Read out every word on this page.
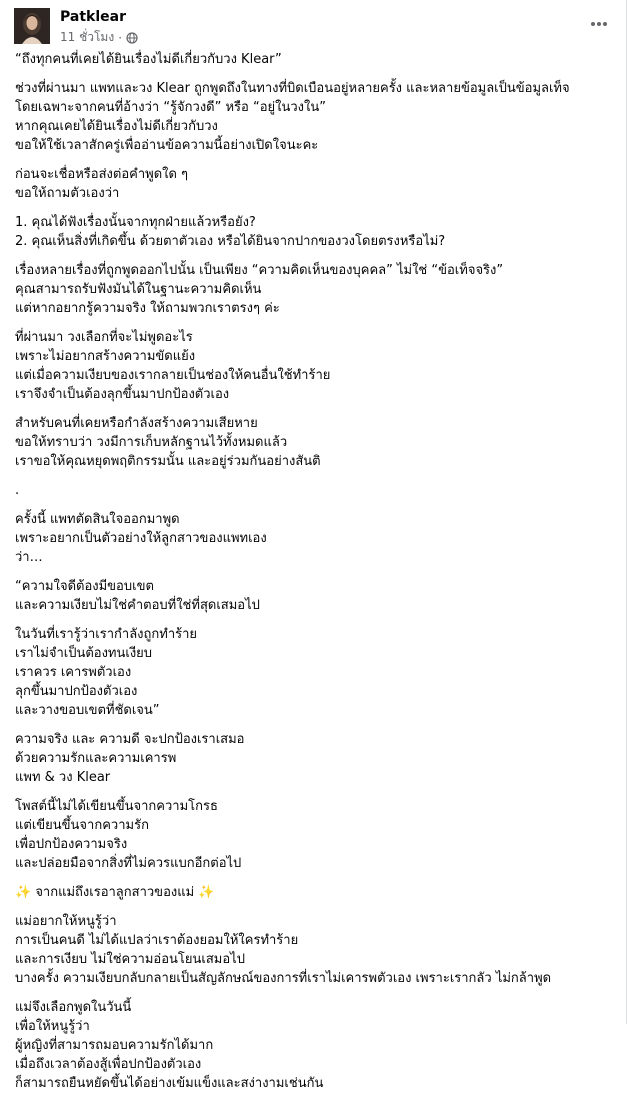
Patklear
11 ชั่วโมง ·
“ถึงทุกคนที่เคยได้ยินเรื่องไม่ดีเกี่ยวกับวง Klear”
ช่วงที่ผ่านมา แพทและวง Klear ถูกพูดถึงในทางที่บิดเบือนอยู่หลายครั้ง และหลายข้อมูลเป็นข้อมูลเท็จ
โดยเฉพาะจากคนที่อ้างว่า “รู้จักวงดี” หรือ “อยู่ในวงใน”
หากคุณเคยได้ยินเรื่องไม่ดีเกี่ยวกับวง
ขอให้ใช้เวลาสักครู่เพื่ออ่านข้อความนี้อย่างเปิดใจนะคะ
ก่อนจะเชื่อหรือส่งต่อคำพูดใด ๆ
ขอให้ถามตัวเองว่า
1. คุณได้ฟังเรื่องนั้นจากทุกฝ่ายแล้วหรือยัง?
2. คุณเห็นสิ่งที่เกิดขึ้น ด้วยตาตัวเอง หรือได้ยินจากปากของวงโดยตรงหรือไม่?
เรื่องหลายเรื่องที่ถูกพูดออกไปนั้น เป็นเพียง “ความคิดเห็นของบุคคล” ไม่ใช่ “ข้อเท็จจริง”
คุณสามารถรับฟังมันได้ในฐานะความคิดเห็น
แต่หากอยากรู้ความจริง ให้ถามพวกเราตรงๆ ค่ะ
ที่ผ่านมา วงเลือกที่จะไม่พูดอะไร
เพราะไม่อยากสร้างความขัดแย้ง
แต่เมื่อความเงียบของเรากลายเป็นช่องให้คนอื่นใช้ทำร้าย
เราจึงจำเป็นต้องลุกขึ้นมาปกป้องตัวเอง
สำหรับคนที่เคยหรือกำลังสร้างความเสียหาย
ขอให้ทราบว่า วงมีการเก็บหลักฐานไว้ทั้งหมดแล้ว
เราขอให้คุณหยุดพฤติกรรมนั้น และอยู่ร่วมกันอย่างสันติ
.
ครั้งนี้ แพทตัดสินใจออกมาพูด
เพราะอยากเป็นตัวอย่างให้ลูกสาวของแพทเอง
ว่า…
“ความใจดีต้องมีขอบเขต
และความเงียบไม่ใช่คำตอบที่ใช่ที่สุดเสมอไป
ในวันที่เรารู้ว่าเรากำลังถูกทำร้าย
เราไม่จำเป็นต้องทนเงียบ
เราควร เคารพตัวเอง
ลุกขึ้นมาปกป้องตัวเอง
และวางขอบเขตที่ชัดเจน”
ความจริง และ ความดี จะปกป้องเราเสมอ
ด้วยความรักและความเคารพ
แพท & วง Klear
โพสต์นี้ไม่ได้เขียนขึ้นจากความโกรธ
แต่เขียนขึ้นจากความรัก
เพื่อปกป้องความจริง
และปล่อยมือจากสิ่งที่ไม่ควรแบกอีกต่อไป
✨ จากแม่ถึงเรอาลูกสาวของแม่ ✨
แม่อยากให้หนูรู้ว่า
การเป็นคนดี ไม่ได้แปลว่าเราต้องยอมให้ใครทำร้าย
และการเงียบ ไม่ใช่ความอ่อนโยนเสมอไป
บางครั้ง ความเงียบกลับกลายเป็นสัญลักษณ์ของการที่เราไม่เคารพตัวเอง เพราะเรากลัว ไม่กล้าพูด
แม่จึงเลือกพูดในวันนี้
เพื่อให้หนูรู้ว่า
ผู้หญิงที่สามารถมอบความรักได้มาก
เมื่อถึงเวลาต้องสู้เพื่อปกป้องตัวเอง
ก็สามารถยืนหยัดขึ้นได้อย่างเข้มแข็งและสง่างามเช่นกัน
